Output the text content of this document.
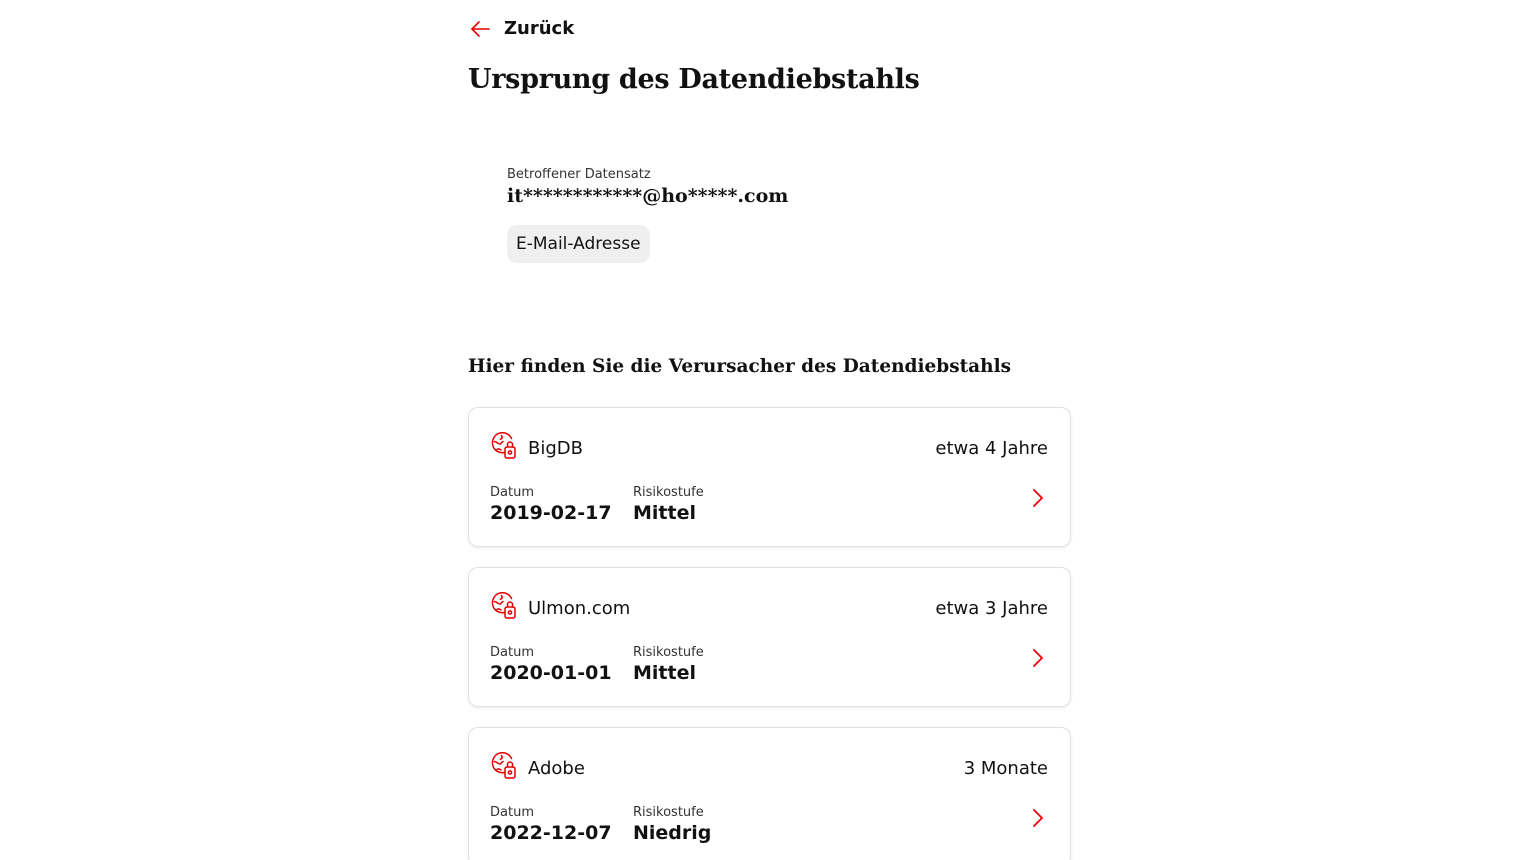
Zurück
Ursprung des Datendiebstahls
Betroffener Datensatz
it************@ho*****.com
E-Mail-Adresse
Hier finden Sie die Verursacher des Datendiebstahls
BigDB	etwa 4 Jahre
Datum
2019-02-17
Risikostufe
Mittel
Ulmon.com	etwa 3 Jahre
Datum
2020-01-01
Risikostufe
Mittel
Adobe	3 Monate
Datum
2022-12-07
Risikostufe
Niedrig
